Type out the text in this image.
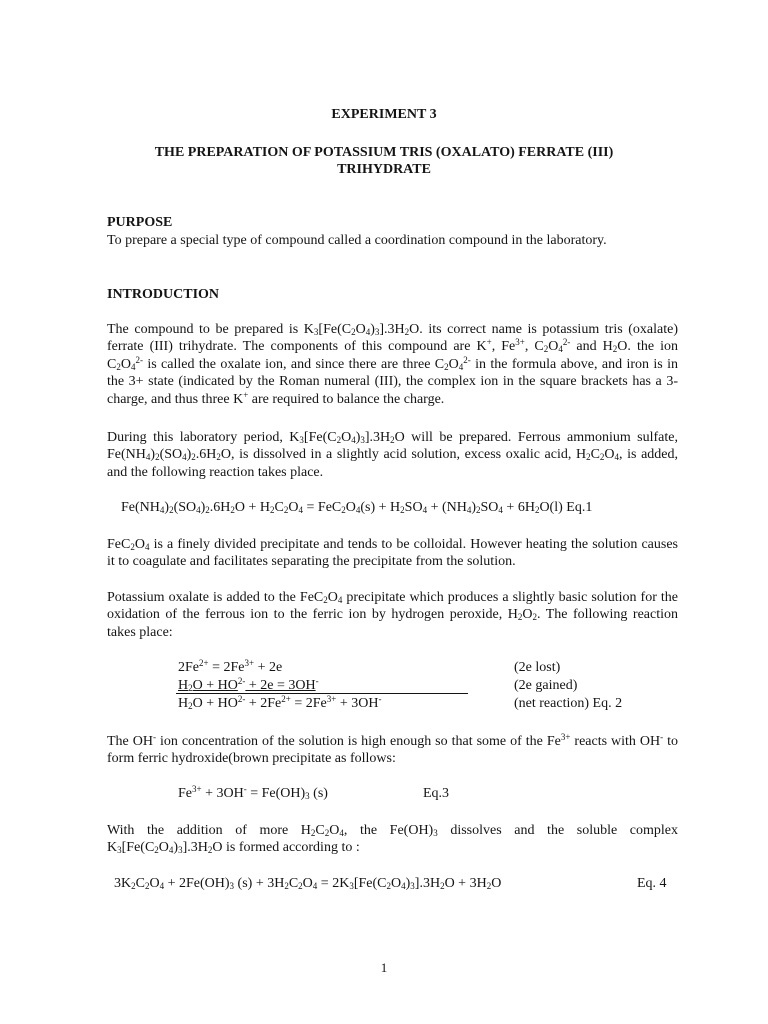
EXPERIMENT 3
THE PREPARATION OF POTASSIUM TRIS (OXALATO) FERRATE (III)
TRIHYDRATE
PURPOSE
To prepare a special type of compound called a coordination compound in the laboratory.
INTRODUCTION
The compound to be prepared is $K_3[Fe(C_2O_4)_3].3H_2O$. its correct name is potassium tris (oxalate) ferrate (III) trihydrate. The components of this compound are K+, $Fe^{3+}$, $C_2O_4^{2-}$ and $H_2O$. the ion $C_2O_4^{2-}$ is called the oxalate ion, and since there are three $C_2O_4^{2-}$ in the formula above, and iron is in the 3+ state (indicated by the Roman numeral (III), the complex ion in the square brackets has a 3- charge, and thus three K+ are required to balance the charge.
During this laboratory period, $K_3[Fe(C_2O_4)_3].3H_2O$ will be prepared. Ferrous ammonium sulfate, $Fe(NH_4)_2(SO_4)_2.6H_2O$, is dissolved in a slightly acid solution, excess oxalic acid, $H_2C_2O_4$, is added, and the following reaction takes place.
$Fe(NH_4)_2(SO_4)_2.6H_2O + H_2C_2O_4 = FeC_2O_4(s) + H_2SO_4 + (NH_4)_2SO_4 + 6H_2O(l)$ Eq.1
$FeC_2O_4$ is a finely divided precipitate and tends to be colloidal. However heating the solution causes it to coagulate and facilitates separating the precipitate from the solution.
Potassium oxalate is added to the $FeC_2O_4$ precipitate which produces a slightly basic solution for the oxidation of the ferrous ion to the ferric ion by hydrogen peroxide, $H_2O_2$. The following reaction takes place:
$2Fe^{2+} = 2Fe^{3+} + 2e$	(2e lost)
$H_2O + HO^{2-} + 2e = 3OH^-$	(2e gained)
$H_2O + HO^{2-} + 2Fe^{2+} = 2Fe^{3+} + 3OH^-$	(net reaction) Eq. 2
The OH- ion concentration of the solution is high enough so that some of the $Fe^{3+}$ reacts with OH- to form ferric hydroxide(brown precipitate as follows:
$Fe^{3+} + 3OH^- = Fe(OH)_3$ (s)	Eq.3
With the addition of more $H_2C_2O_4$, the $Fe(OH)_3$ dissolves and the soluble complex $K_3[Fe(C_2O_4)_3].3H_2O$ is formed according to :
$3K_2C_2O_4 + 2Fe(OH)_3$ $(s) + 3H_2C_2O_4 = 2K_3[Fe(C_2O_4)_3].3H_2O + 3H_2O$	Eq. 4
1
